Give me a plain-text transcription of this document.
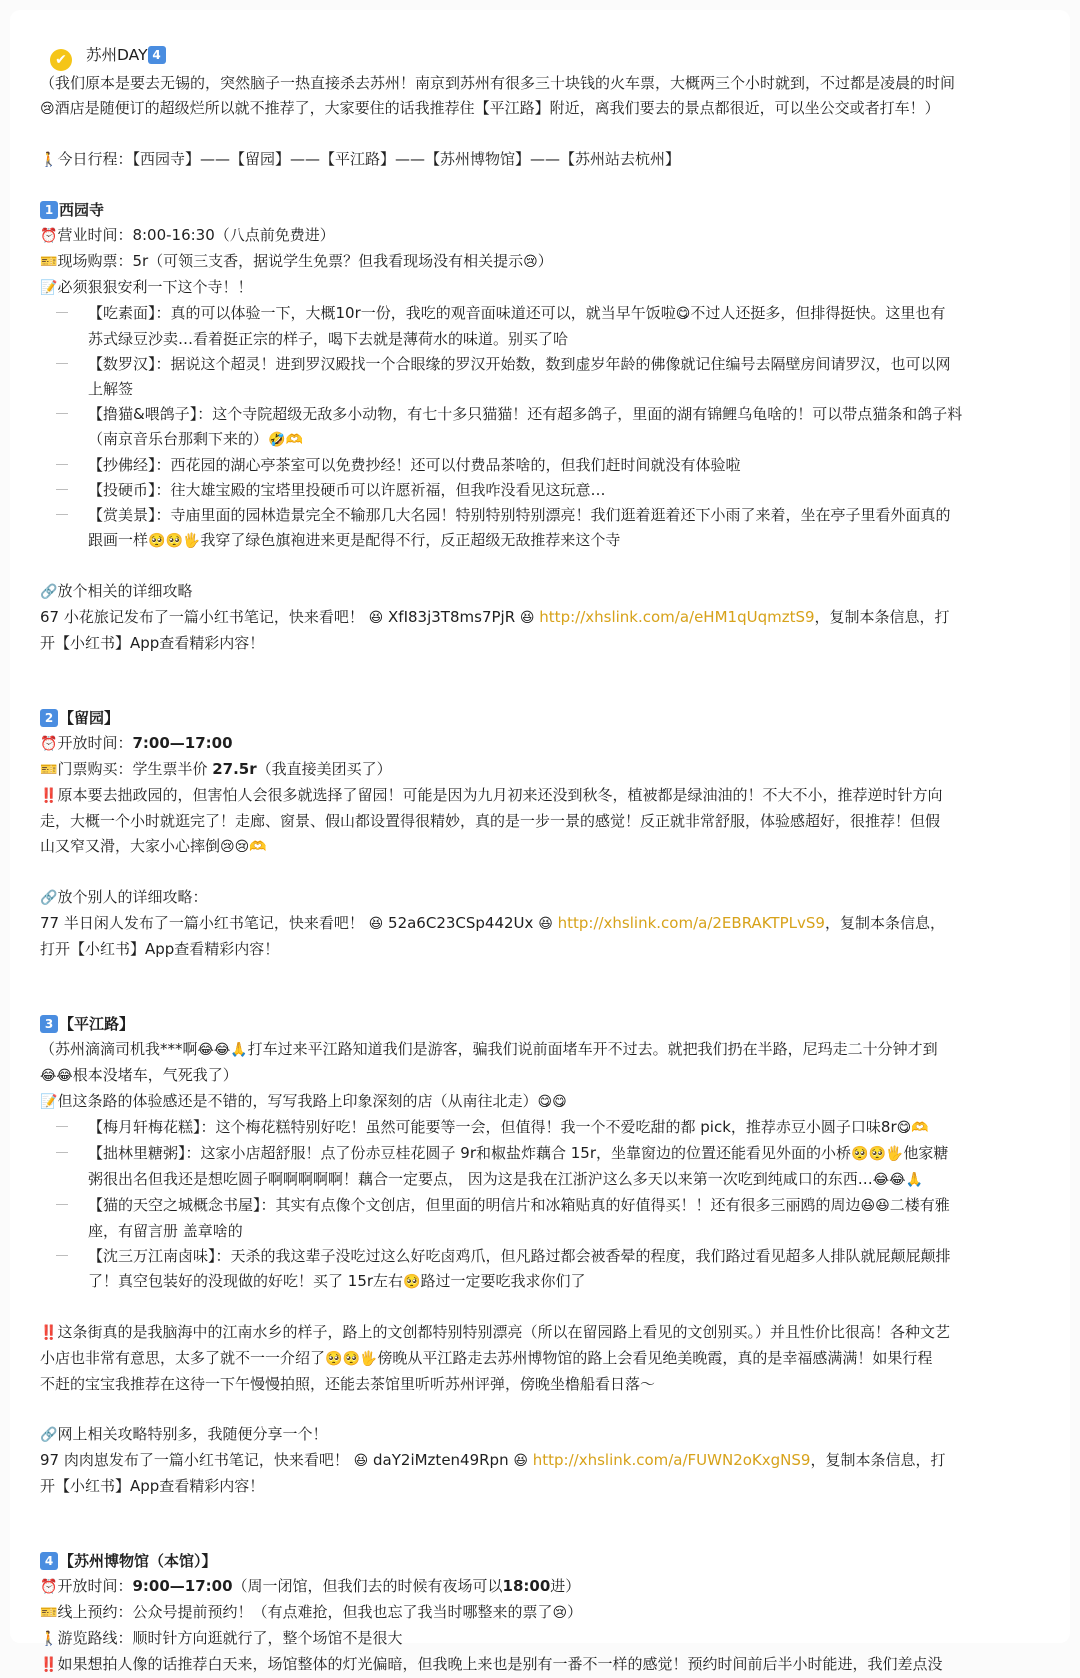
✔ 苏州DAY 4
（我们原本是要去无锡的，突然脑子一热直接杀去苏州！南京到苏州有很多三十块钱的火车票，大概两三个小时就到，不过都是凌晨的时间
😢酒店是随便订的超级烂所以就不推荐了，大家要住的话我推荐住【平江路】附近，离我们要去的景点都很近，可以坐公交或者打车！）
🚶今日行程：【西园寺】——【留园】——【平江路】——【苏州博物馆】——【苏州站去杭州】
1 西园寺
⏰营业时间：8:00-16:30（八点前免费进）
🎫现场购票：5r（可领三支香，据说学生免票？但我看现场没有相关提示😢）
📝必须狠狠安利一下这个寺！！
【吃素面】：真的可以体验一下，大概10r一份，我吃的观音面味道还可以，就当早午饭啦😋不过人还挺多，但排得挺快。这里也有
苏式绿豆沙卖…看着挺正宗的样子，喝下去就是薄荷水的味道。别买了哈
【数罗汉】：据说这个超灵！进到罗汉殿找一个合眼缘的罗汉开始数，数到虚岁年龄的佛像就记住编号去隔壁房间请罗汉，也可以网
上解签
【撸猫&喂鸽子】：这个寺院超级无敌多小动物，有七十多只猫猫！还有超多鸽子，里面的湖有锦鲤乌龟啥的！可以带点猫条和鸽子料
（南京音乐台那剩下来的）🤣🫶
【抄佛经】：西花园的湖心亭茶室可以免费抄经！还可以付费品茶啥的，但我们赶时间就没有体验啦
【投硬币】：往大雄宝殿的宝塔里投硬币可以许愿祈福，但我咋没看见这玩意…
【赏美景】：寺庙里面的园林造景完全不输那几大名园！特别特别特别漂亮！我们逛着逛着还下小雨了来着，坐在亭子里看外面真的
跟画一样🥺🥺🖐我穿了绿色旗袍进来更是配得不行，反正超级无敌推荐来这个寺
🔗放个相关的详细攻略
67 小花旅记发布了一篇小红书笔记，快来看吧！ 😆 XfI83j3T8ms7PjR 😆 http://xhslink.com/a/eHM1qUqmztS9，复制本条信息，打
开【小红书】App查看精彩内容！
2 【留园】
⏰开放时间：7:00—17:00
🎫门票购买：学生票半价 27.5r（我直接美团买了）
‼️原本要去拙政园的，但害怕人会很多就选择了留园！可能是因为九月初来还没到秋冬，植被都是绿油油的！不大不小，推荐逆时针方向
走，大概一个小时就逛完了！走廊、窗景、假山都设置得很精妙，真的是一步一景的感觉！反正就非常舒服，体验感超好，很推荐！但假
山又窄又滑，大家小心摔倒😢😢🫶
🔗放个别人的详细攻略：
77 半日闲人发布了一篇小红书笔记，快来看吧！ 😆 52a6C23CSp442Ux 😆 http://xhslink.com/a/2EBRAKTPLvS9，复制本条信息，
打开【小红书】App查看精彩内容！
3 【平江路】
（苏州滴滴司机我***啊😂😂🙏打车过来平江路知道我们是游客，骗我们说前面堵车开不过去。就把我们扔在半路，尼玛走二十分钟才到
😂😂根本没堵车，气死我了）
📝但这条路的体验感还是不错的，写写我路上印象深刻的店（从南往北走）😋😋
【梅月轩梅花糕】：这个梅花糕特别好吃！虽然可能要等一会，但值得！我一个不爱吃甜的都 pick，推荐赤豆小圆子口味8r😋🫶
【拙林里糖粥】：这家小店超舒服！点了份赤豆桂花圆子 9r和椒盐炸藕合 15r，坐靠窗边的位置还能看见外面的小桥🥺🥺🖐他家糖
粥很出名但我还是想吃圆子啊啊啊啊啊！藕合一定要点， 因为这是我在江浙沪这么多天以来第一次吃到纯咸口的东西…😂😂🙏
【猫的天空之城概念书屋】：其实有点像个文创店，但里面的明信片和冰箱贴真的好值得买！！还有很多三丽鸥的周边😆😆二楼有雅
座，有留言册 盖章啥的
【沈三万江南卤味】：天杀的我这辈子没吃过这么好吃卤鸡爪，但凡路过都会被香晕的程度，我们路过看见超多人排队就屁颠屁颠排
了！真空包装好的没现做的好吃！买了 15r左右🥺路过一定要吃我求你们了
‼️这条街真的是我脑海中的江南水乡的样子，路上的文创都特别特别漂亮（所以在留园路上看见的文创别买。）并且性价比很高！各种文艺
小店也非常有意思，太多了就不一一介绍了🥺🥺🖐傍晚从平江路走去苏州博物馆的路上会看见绝美晚霞，真的是幸福感满满！如果行程
不赶的宝宝我推荐在这待一下午慢慢拍照，还能去茶馆里听听苏州评弹，傍晚坐橹船看日落～
🔗网上相关攻略特别多，我随便分享一个！
97 肉肉崽发布了一篇小红书笔记，快来看吧！ 😆 daY2iMzten49Rpn 😆 http://xhslink.com/a/FUWN2oKxgNS9，复制本条信息，打
开【小红书】App查看精彩内容！
4 【苏州博物馆（本馆）】
⏰开放时间：9:00—17:00（周一闭馆，但我们去的时候有夜场可以18:00进）
🎫线上预约：公众号提前预约！（有点难抢，但我也忘了我当时哪整来的票了😢）
🚶游览路线：顺时针方向逛就行了，整个场馆不是很大
‼️如果想拍人像的话推荐白天来，场馆整体的灯光偏暗，但我晚上来也是别有一番不一样的感觉！预约时间前后半小时能进，我们差点没
